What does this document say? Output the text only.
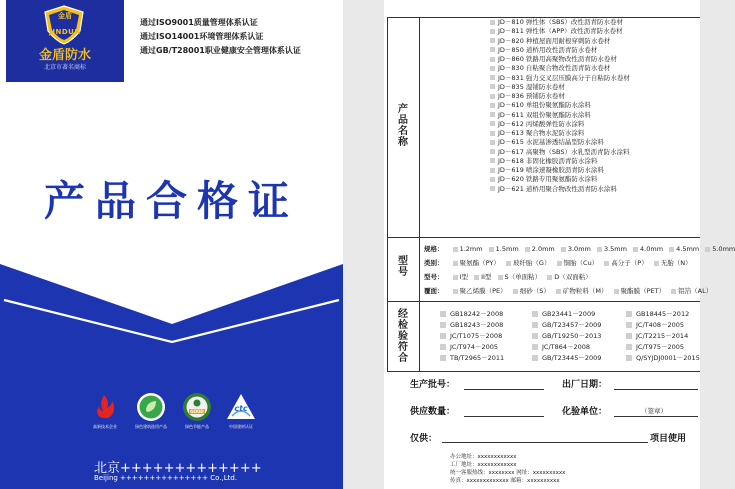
金盾
JINDUN
金盾防水
北京市著名商标
通过ISO9001质量管理体系认证
通过ISO14001环境管理体系认证
通过GB/T28001职业健康安全管理体系认证
产品合格证
高新技术企业	绿色建筑选用产品
GOOD
绿色节能产品
ctc
中国建材认证
北京+++++++++++++
Beijing +++++++++++++++ Co.,Ltd.
产
品
名
称
JD－810 弹性体（SBS）改性沥青防水卷材
JD－811 弹性体（APP）改性沥青防水卷材
JD－820 种植屋面用耐根穿刺防水卷材
JD－850 道桥用改性沥青防水卷材
JD－860 铁路用高聚物改性沥青防水卷材
JD－830 自粘聚合物改性沥青防水卷材
JD－831 强力交叉层压膜高分子自粘防水卷材
JD－835 湿铺防水卷材
JD－836 预铺防水卷材
JD－610 单组份聚氨酯防水涂料
JD－611 双组份聚氨酯防水涂料
JD－612 丙烯酸弹性防水涂料
JD－613 聚合物水泥防水涂料
JD－615 水泥基渗透结晶型防水涂料
JD－617 高聚物（SBS）水乳型沥青防水涂料
JD－618 非固化橡胶沥青防水涂料
JD－619 喷涂速凝橡胶沥青防水涂料
JD－620 铁路专用聚氨酯防水涂料
JD－621 道桥用聚合物改性沥青防水涂料
型
号
规格： 1.2mm 1.5mm 2.0mm 3.0mm 3.5mm 4.0mm 4.5mm 5.0mm
类别： 聚氨酯（PY） 玻纤胎（G） 铜胎（Cu） 高分子（P） 无胎（N）
型号： I型 II型 S（单面粘） D（双面粘）
覆面： 聚乙烯膜（PE） 细砂（S） 矿物粒料（M） 聚酯膜（PET） 铝箔（AL）
经
检
验
符
合
GB18242－2008	GB23441－2009	GB18445－2012
GB18243－2008	GB/T23457－2009	JC/T408－2005
JC/T1075－2008	GB/T19250－2013	JC/T2215－2014
JC/T974－2005	JC/T864－2008	JC/T975－2005
TB/T2965－2011	GB/T23445－2009	Q/SYJDJ0001－2015
生产批号：	出厂日期：
供应数量：	化验单位：	（签章）
仅供：	项目使用
办公地址：xxxxxxxxxxxx
工厂地址：xxxxxxxxxxxx
统一客服热线：xxxxxxxx 网址：xxxxxxxxxx
传真：xxxxxxxxxxxxx 邮箱：xxxxxxxxxx
